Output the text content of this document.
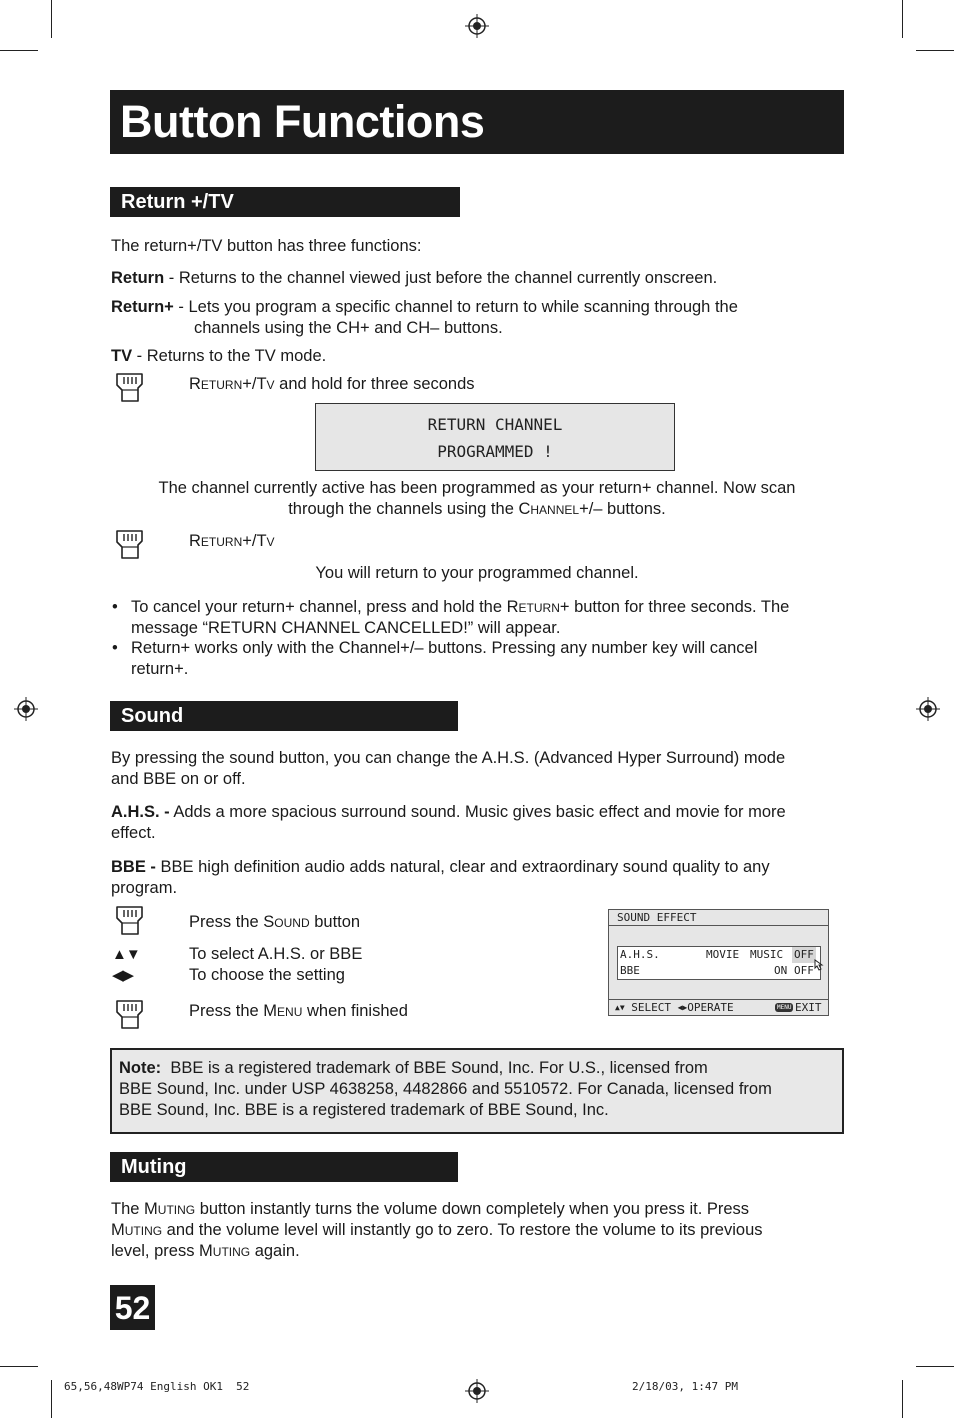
Button Functions
Return +/TV
The return+/TV button has three functions:
Return - Returns to the channel viewed just before the channel currently onscreen.
Return+ - Lets you program a specific channel to return to while scanning through the
channels using the CH+ and CH– buttons.
TV - Returns to the TV mode.
Return+/Tv and hold for three seconds
RETURN CHANNEL
PROGRAMMED !
The channel currently active has been programmed as your return+ channel. Now scan
through the channels using the Channel+/– buttons.
Return+/Tv
You will return to your programmed channel.
• To cancel your return+ channel, press and hold the Return+ button for three seconds. The
message “RETURN CHANNEL CANCELLED!” will appear.
• Return+ works only with the Channel+/– buttons. Pressing any number key will cancel
return+.
Sound
By pressing the sound button, you can change the A.H.S. (Advanced Hyper Surround) mode
and BBE on or off.
A.H.S. - Adds a more spacious surround sound. Music gives basic effect and movie for more
effect.
BBE - BBE high definition audio adds natural, clear and extraordinary sound quality to any
program.
Press the Sound button
▲▼	To select A.H.S. or BBE
◀▶	To choose the setting
Press the Menu when finished
SOUND EFFECT
A.H.S.	MOVIE MUSIC OFF
BBE	ON OFF
▲▼ SELECT ◀▶OPERATE	MENU EXIT
Note:  BBE is a registered trademark of BBE Sound, Inc. For U.S., licensed from
BBE Sound, Inc. under USP 4638258, 4482866 and 5510572. For Canada, licensed from
BBE Sound, Inc. BBE is a registered trademark of BBE Sound, Inc.
Muting
The Muting button instantly turns the volume down completely when you press it. Press
Muting and the volume level will instantly go to zero. To restore the volume to its previous
level, press Muting again.
52
65,56,48WP74 English OK1  52	2/18/03, 1:47 PM
